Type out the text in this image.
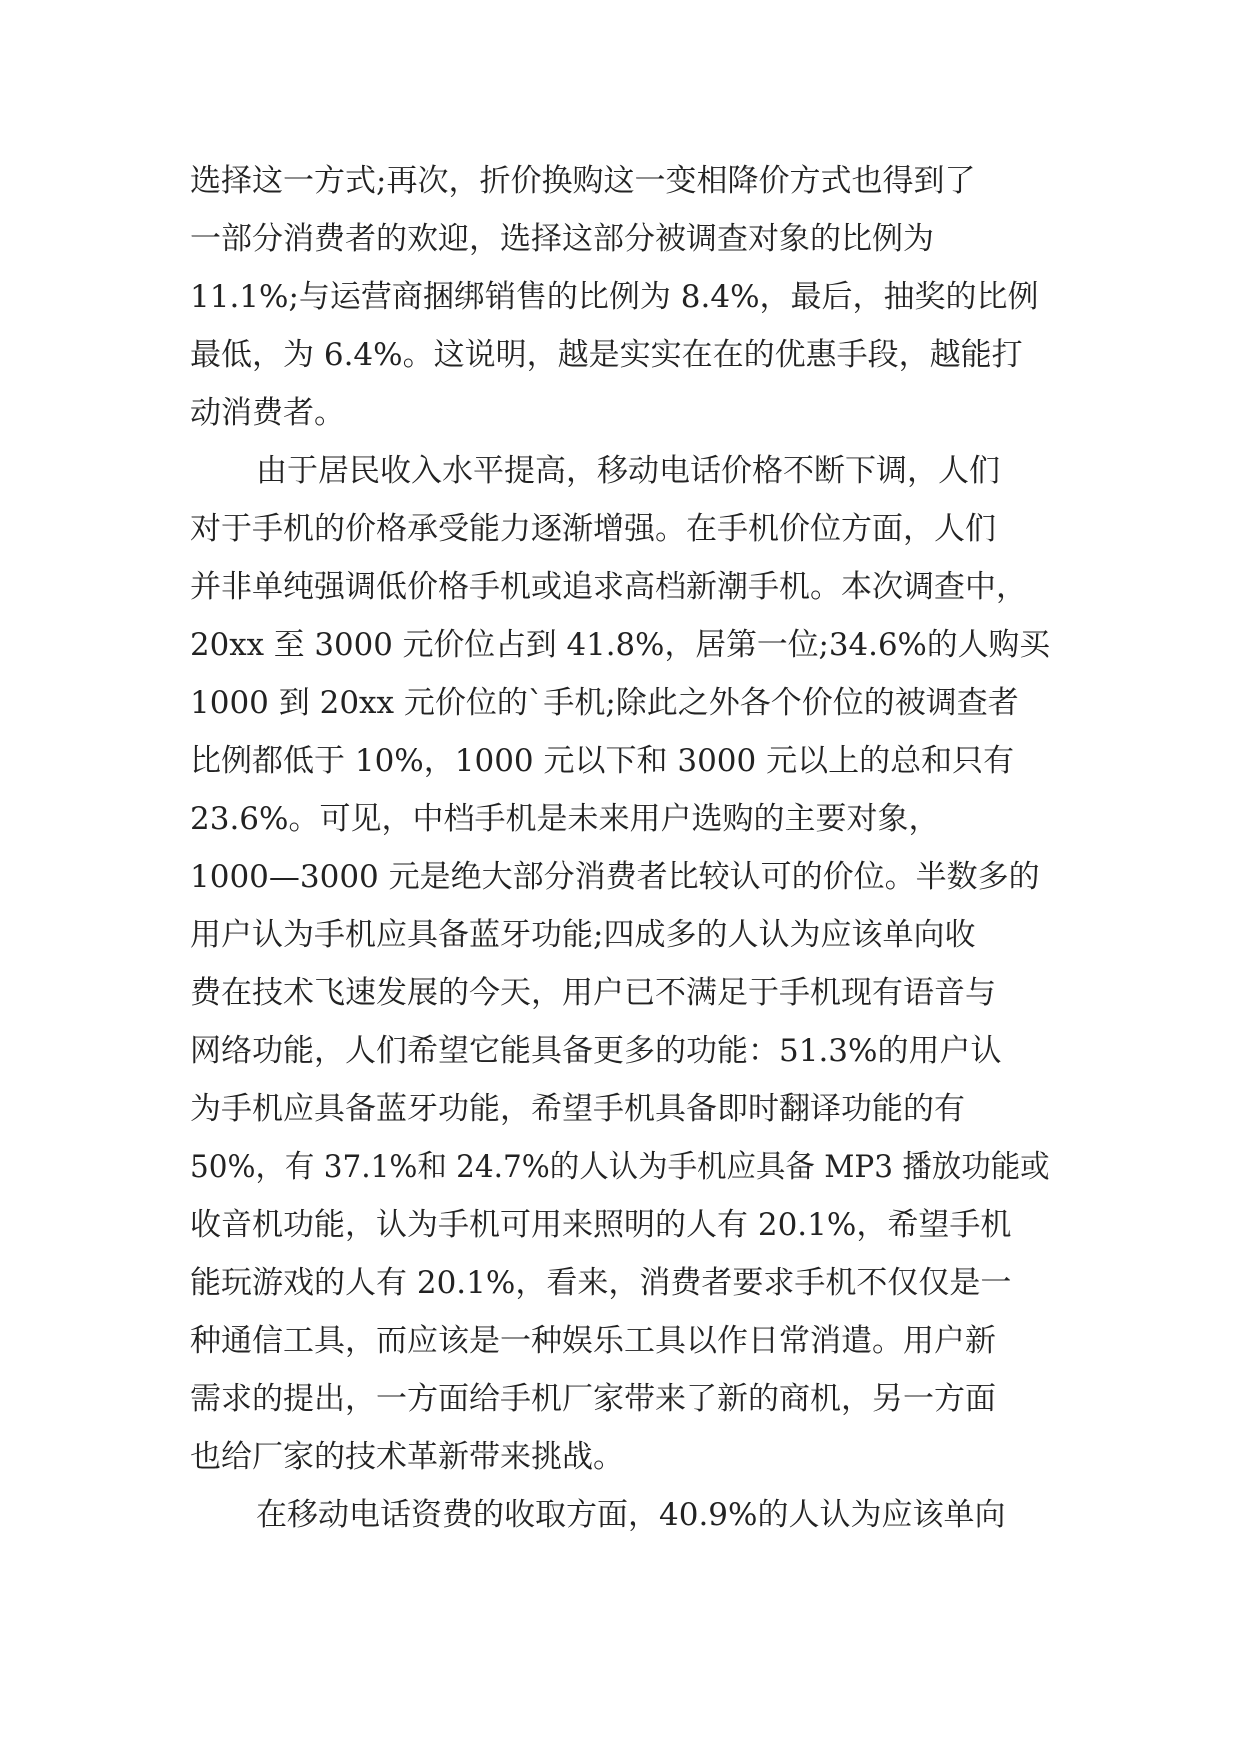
选择这一方式;再次，折价换购这一变相降价方式也得到了
一部分消费者的欢迎，选择这部分被调查对象的比例为
11.1%;与运营商捆绑销售的比例为 8.4%，最后，抽奖的比例
最低，为 6.4%。这说明，越是实实在在的优惠手段，越能打
动消费者。
由于居民收入水平提高，移动电话价格不断下调，人们
对于手机的价格承受能力逐渐增强。在手机价位方面，人们
并非单纯强调低价格手机或追求高档新潮手机。本次调查中，
20xx 至 3000 元价位占到 41.8%，居第一位;34.6%的人购买
1000 到 20xx 元价位的`手机;除此之外各个价位的被调查者
比例都低于 10%，1000 元以下和 3000 元以上的总和只有
23.6%。可见，中档手机是未来用户选购的主要对象，
1000—3000 元是绝大部分消费者比较认可的价位。半数多的
用户认为手机应具备蓝牙功能;四成多的人认为应该单向收
费在技术飞速发展的今天，用户已不满足于手机现有语音与
网络功能，人们希望它能具备更多的功能：51.3%的用户认
为手机应具备蓝牙功能，希望手机具备即时翻译功能的有
50%，有 37.1%和 24.7%的人认为手机应具备 MP3 播放功能或
收音机功能，认为手机可用来照明的人有 20.1%，希望手机
能玩游戏的人有 20.1%，看来，消费者要求手机不仅仅是一
种通信工具，而应该是一种娱乐工具以作日常消遣。用户新
需求的提出，一方面给手机厂家带来了新的商机，另一方面
也给厂家的技术革新带来挑战。
在移动电话资费的收取方面，40.9%的人认为应该单向
